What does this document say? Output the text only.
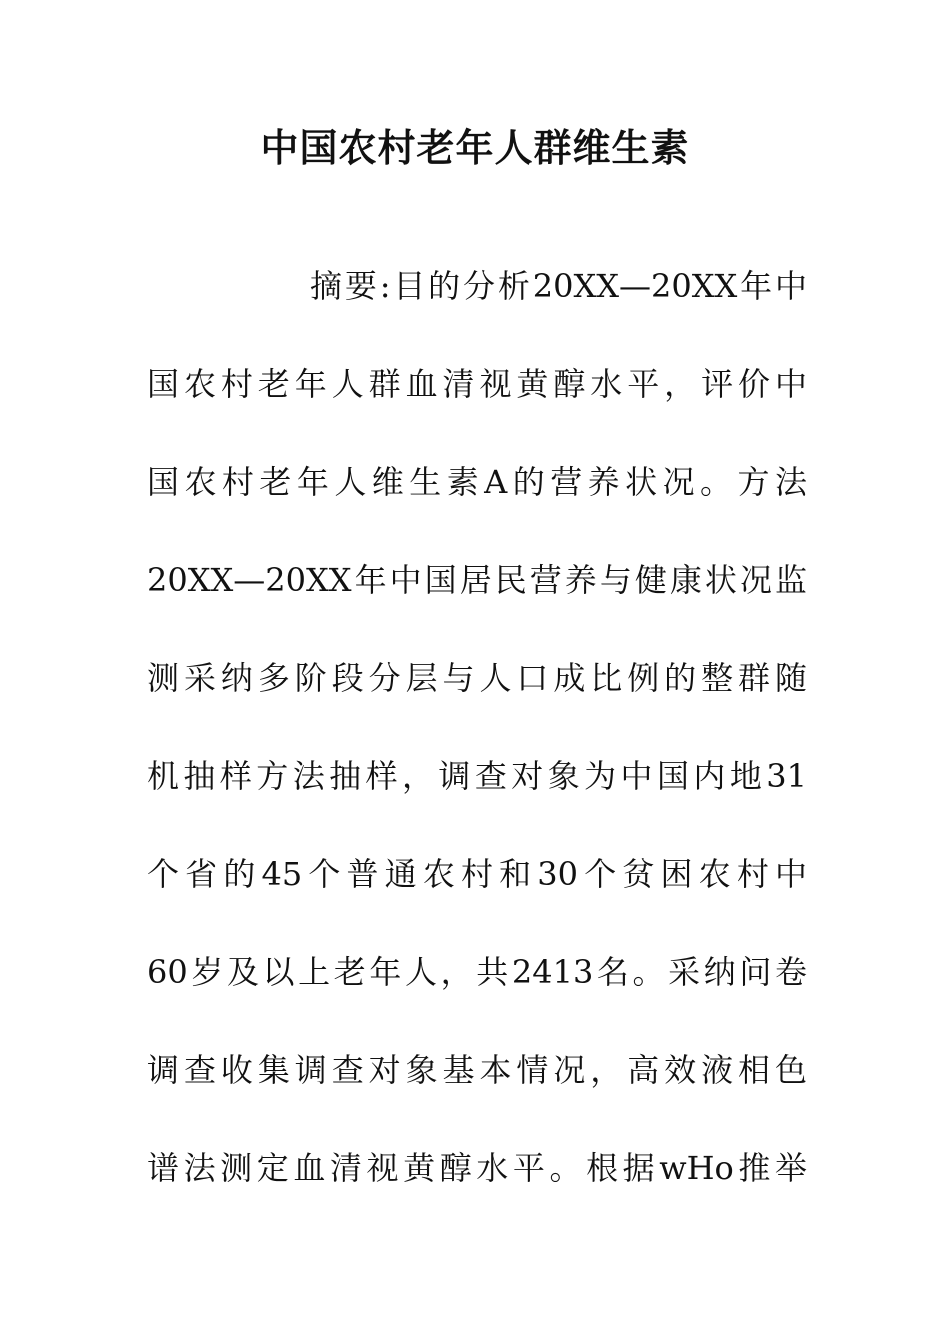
中国农村老年人群维生素
摘要:目的分析20XX—20XX年中
国农村老年人群血清视黄醇水平，评价中
国农村老年人维生素A的营养状况。方法
20XX—20XX年中国居民营养与健康状况监
测采纳多阶段分层与人口成比例的整群随
机抽样方法抽样，调查对象为中国内地31
个省的45个普通农村和30个贫困农村中
60岁及以上老年人，共2413名。采纳问卷
调查收集调查对象基本情况，高效液相色
谱法测定血清视黄醇水平。根据wHo推举
